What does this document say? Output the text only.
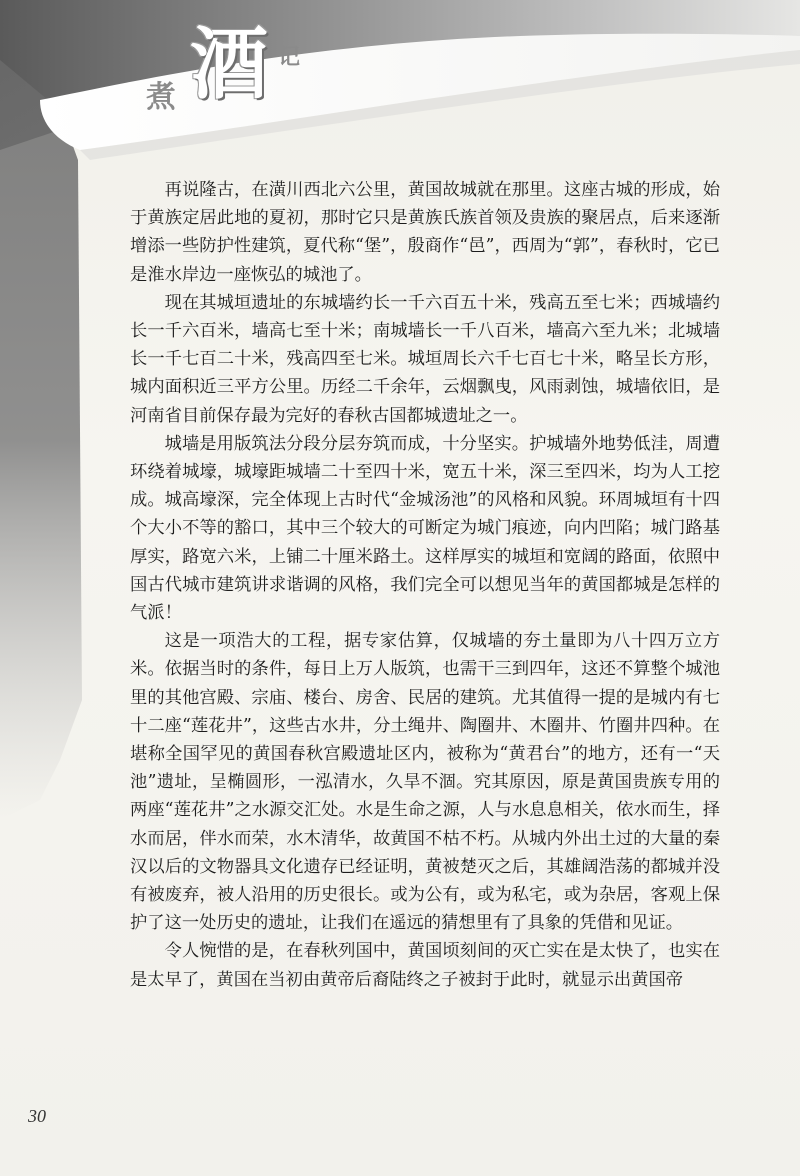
煮 酒 记

再说隆古，在潢川西北六公里，黄国故城就在那里。这座古城的形成，始于黄族定居此地的夏初，那时它只是黄族氏族首领及贵族的聚居点，后来逐渐增添一些防护性建筑，夏代称“堡”，殷商作“邑”，西周为“郭”，春秋时，它已是淮水岸边一座恢弘的城池了。

现在其城垣遗址的东城墙约长一千六百五十米，残高五至七米；西城墙约长一千六百米，墙高七至十米；南城墙长一千八百米，墙高六至九米；北城墙长一千七百二十米，残高四至七米。城垣周长六千七百七十米，略呈长方形，城内面积近三平方公里。历经二千余年，云烟飘曳，风雨剥蚀，城墙依旧，是河南省目前保存最为完好的春秋古国都城遗址之一。

城墙是用版筑法分段分层夯筑而成，十分坚实。护城墙外地势低洼，周遭环绕着城壕，城壕距城墙二十至四十米，宽五十米，深三至四米，均为人工挖成。城高壕深，完全体现上古时代“金城汤池”的风格和风貌。环周城垣有十四个大小不等的豁口，其中三个较大的可断定为城门痕迹，向内凹陷；城门路基厚实，路宽六米，上铺二十厘米路土。这样厚实的城垣和宽阔的路面，依照中国古代城市建筑讲求谐调的风格，我们完全可以想见当年的黄国都城是怎样的气派！

这是一项浩大的工程，据专家估算，仅城墙的夯土量即为八十四万立方米。依据当时的条件，每日上万人版筑，也需干三到四年，这还不算整个城池里的其他宫殿、宗庙、楼台、房舍、民居的建筑。尤其值得一提的是城内有七十二座“莲花井”，这些古水井，分土绳井、陶圈井、木圈井、竹圈井四种。在堪称全国罕见的黄国春秋宫殿遗址区内，被称为“黄君台”的地方，还有一“天池”遗址，呈椭圆形，一泓清水，久旱不涸。究其原因，原是黄国贵族专用的两座“莲花井”之水源交汇处。水是生命之源，人与水息息相关，依水而生，择水而居，伴水而荣，水木清华，故黄国不枯不朽。从城内外出土过的大量的秦汉以后的文物器具文化遗存已经证明，黄被楚灭之后，其雄阔浩荡的都城并没有被废弃，被人沿用的历史很长。或为公有，或为私宅，或为杂居，客观上保护了这一处历史的遗址，让我们在遥远的猜想里有了具象的凭借和见证。

令人惋惜的是，在春秋列国中，黄国顷刻间的灭亡实在是太快了，也实在是太早了，黄国在当初由黄帝后裔陆终之子被封于此时，就显示出黄国帝

30
